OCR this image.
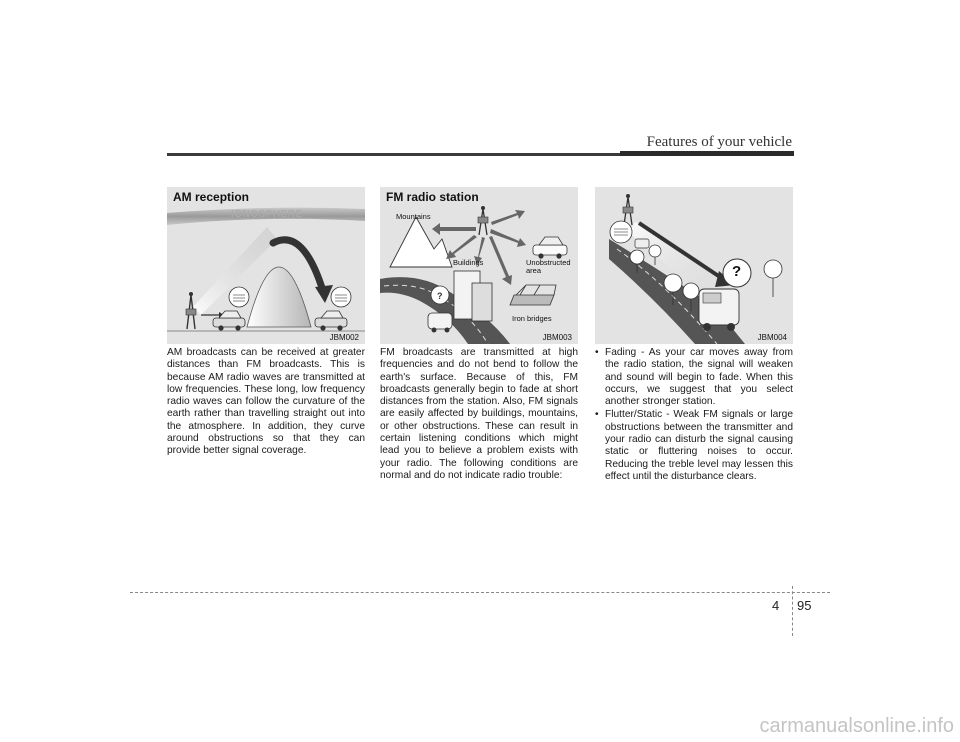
Features of your vehicle
AM reception
IONOSPHERE
JBM002
?
FM radio station
Mountains
Buildings	Unobstructed
area
Iron bridges
JBM003
?
JBM004
AM broadcasts can be received at greater distances than FM broadcasts. This is because AM radio waves are transmitted at low frequencies. These long, low frequency radio waves can follow the curvature of the earth rather than travelling straight out into the atmosphere. In addition, they curve around obstructions so that they can provide better signal coverage.
FM broadcasts are transmitted at high frequencies and do not bend to follow the earth's surface. Because of this, FM broadcasts generally begin to fade at short distances from the station. Also, FM signals are easily affected by buildings, mountains, or other obstructions. These can result in certain listening conditions which might lead you to believe a problem exists with your radio. The following conditions are normal and do not indicate radio trouble:
• Fading - As your car moves away from the radio station, the signal will weaken and sound will begin to fade. When this occurs, we suggest that you select another stronger station.
• Flutter/Static - Weak FM signals or large obstructions between the transmitter and your radio can disturb the signal causing static or fluttering noises to occur. Reducing the treble level may lessen this effect until the disturbance clears.
4 95
carmanualsonline.info
